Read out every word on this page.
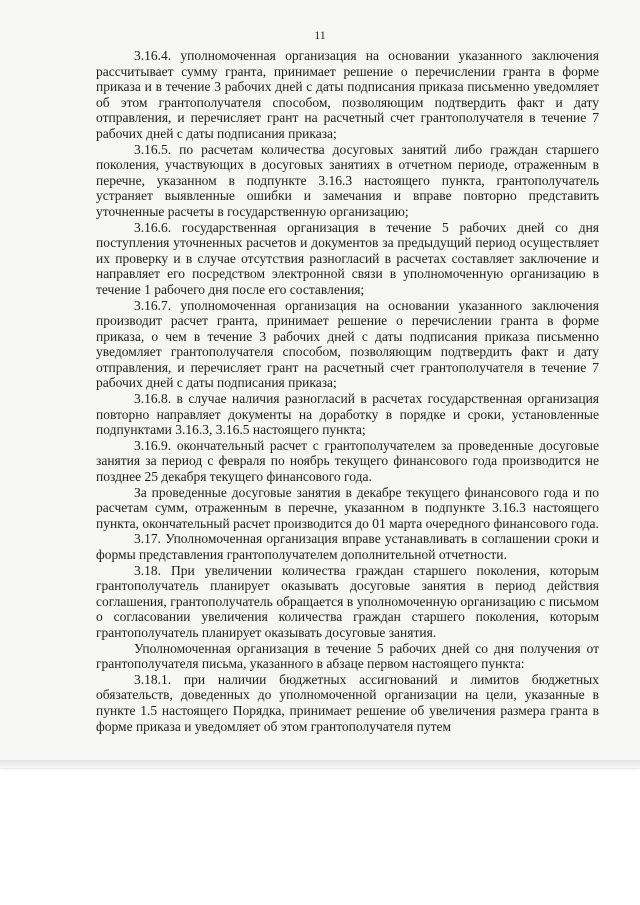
11

3.16.4. уполномоченная организация на основании указанного заключения рассчитывает сумму гранта, принимает решение о перечислении гранта в форме приказа и в течение 3 рабочих дней с даты подписания приказа письменно уведомляет об этом грантополучателя способом, позволяющим подтвердить факт и дату отправления, и перечисляет грант на расчетный счет грантополучателя в течение 7 рабочих дней с даты подписания приказа;

3.16.5. по расчетам количества досуговых занятий либо граждан старшего поколения, участвующих в досуговых занятиях в отчетном периоде, отраженным в перечне, указанном в подпункте 3.16.3 настоящего пункта, грантополучатель устраняет выявленные ошибки и замечания и вправе повторно представить уточненные расчеты в государственную организацию;

3.16.6. государственная организация в течение 5 рабочих дней со дня поступления уточненных расчетов и документов за предыдущий период осуществляет их проверку и в случае отсутствия разногласий в расчетах составляет заключение и направляет его посредством электронной связи в уполномоченную организацию в течение 1 рабочего дня после его составления;

3.16.7. уполномоченная организация на основании указанного заключения производит расчет гранта, принимает решение о перечислении гранта в форме приказа, о чем в течение 3 рабочих дней с даты подписания приказа письменно уведомляет грантополучателя способом, позволяющим подтвердить факт и дату отправления, и перечисляет грант на расчетный счет грантополучателя в течение 7 рабочих дней с даты подписания приказа;

3.16.8. в случае наличия разногласий в расчетах государственная организация повторно направляет документы на доработку в порядке и сроки, установленные подпунктами 3.16.3, 3.16.5 настоящего пункта;

3.16.9. окончательный расчет с грантополучателем за проведенные досуговые занятия за период с февраля по ноябрь текущего финансового года производится не позднее 25 декабря текущего финансового года.

За проведенные досуговые занятия в декабре текущего финансового года и по расчетам сумм, отраженным в перечне, указанном в подпункте 3.16.3 настоящего пункта, окончательный расчет производится до 01 марта очередного финансового года.

3.17. Уполномоченная организация вправе устанавливать в соглашении сроки и формы представления грантополучателем дополнительной отчетности.

3.18. При увеличении количества граждан старшего поколения, которым грантополучатель планирует оказывать досуговые занятия в период действия соглашения, грантополучатель обращается в уполномоченную организацию с письмом о согласовании увеличения количества граждан старшего поколения, которым грантополучатель планирует оказывать досуговые занятия.

Уполномоченная организация в течение 5 рабочих дней со дня получения от грантополучателя письма, указанного в абзаце первом настоящего пункта:

3.18.1. при наличии бюджетных ассигнований и лимитов бюджетных обязательств, доведенных до уполномоченной организации на цели, указанные в пункте 1.5 настоящего Порядка, принимает решение об увеличения размера гранта в форме приказа и уведомляет об этом грантополучателя путем
